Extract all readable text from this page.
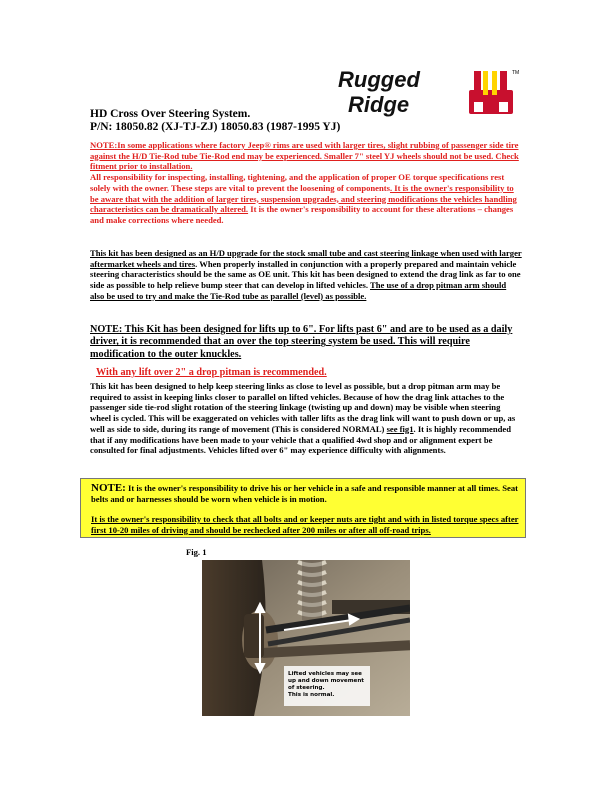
Rugged
Ridge
TM
HD Cross Over Steering System.
P/N: 18050.82 (XJ-TJ-ZJ) 18050.83 (1987-1995 YJ)
NOTE:In some applications where factory Jeep® rims are used with larger tires, slight rubbing of passenger side tire against the H/D Tie-Rod tube Tie-Rod end may be experienced. Smaller 7" steel YJ wheels should not be used. Check fitment prior to installation.
All responsibility for inspecting, installing, tightening, and the application of proper OE torque specifications rest solely with the owner. These steps are vital to prevent the loosening of components. It is the owner's responsibility to be aware that with the addition of larger tires, suspension upgrades, and steering modifications the vehicles handling characteristics can be dramatically altered. It is the owner's responsibility to account for these alterations – changes and make corrections where needed.
This kit has been designed as an H/D upgrade for the stock small tube and cast steering linkage when used with larger aftermarket wheels and tires. When properly installed in conjunction with a properly prepared and maintain vehicle steering characteristics should be the same as OE unit. This kit has been designed to extend the drag link as far to one side as possible to help relieve bump steer that can develop in lifted vehicles. The use of a drop pitman arm should also be used to try and make the Tie-Rod tube as parallel (level) as possible.
NOTE: This Kit has been designed for lifts up to 6". For lifts past 6" and are to be used as a daily driver, it is recommended that an over the top steering system be used. This will require modification to the outer knuckles.
With any lift over 2" a drop pitman is recommended.
This kit has been designed to help keep steering links as close to level as possible, but a drop pitman arm may be required to assist in keeping links closer to parallel on lifted vehicles. Because of how the drag link attaches to the passenger side tie-rod slight rotation of the steering linkage (twisting up and down) may be visible when steering wheel is cycled. This will be exaggerated on vehicles with taller lifts as the drag link will want to push down or up, as well as side to side, during its range of movement (This is considered NORMAL) see fig1. It is highly recommended that if any modifications have been made to your vehicle that a qualified 4wd shop and or alignment expert be consulted for final adjustments. Vehicles lifted over 6" may experience difficulty with alignments.
NOTE: It is the owner's responsibility to drive his or her vehicle in a safe and responsible manner at all times. Seat belts and or harnesses should be worn when vehicle is in motion.
It is the owner's responsibility to check that all bolts and or keeper nuts are tight and with in listed torque specs after first 10-20 miles of driving and should be rechecked after 200 miles or after all off-road trips.
Fig. 1
Lifted vehicles may see
up and down movement
of steering.
This is normal.
